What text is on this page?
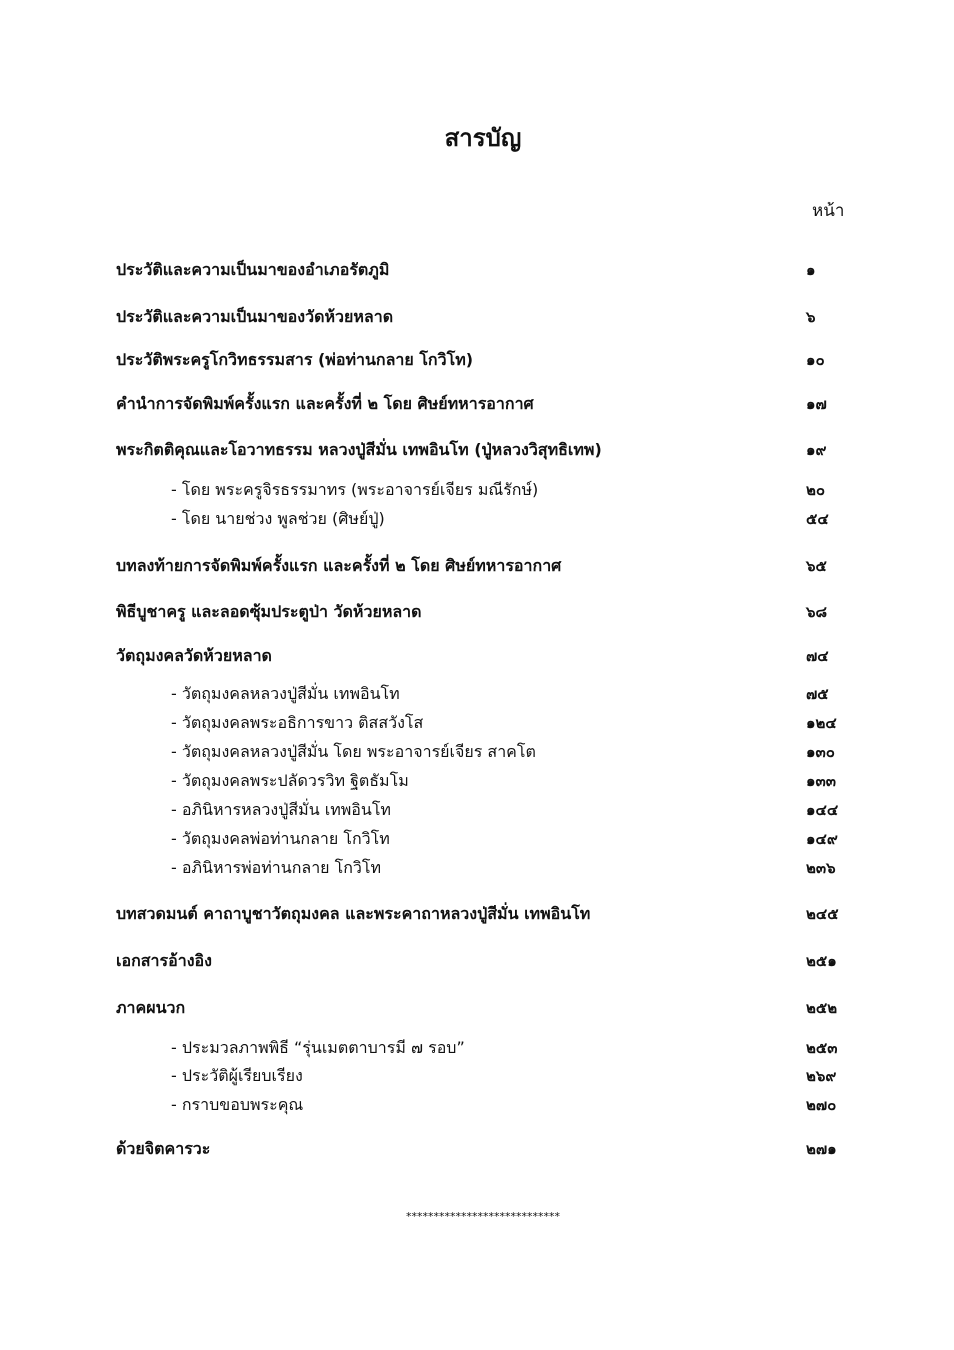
สารบัญ
หน้า
ประวัติและความเป็นมาของอำเภอรัตภูมิ	๑
ประวัติและความเป็นมาของวัดห้วยหลาด	๖
ประวัติพระครูโกวิทธรรมสาร (พ่อท่านกลาย โกวิโท)	๑๐
คำนำการจัดพิมพ์ครั้งแรก และครั้งที่ ๒ โดย ศิษย์ทหารอากาศ	๑๗
พระกิตติคุณและโอวาทธรรม หลวงปู่สีมั่น เทพอินโท (ปู่หลวงวิสุทธิเทพ)	๑๙
- โดย พระครูจิรธรรมาทร (พระอาจารย์เจียร มณีรักษ์)	๒๐
- โดย นายช่วง พูลช่วย (ศิษย์ปู่)	๕๔
บทลงท้ายการจัดพิมพ์ครั้งแรก และครั้งที่ ๒ โดย ศิษย์ทหารอากาศ	๖๕
พิธีบูชาครู และลอดซุ้มประตูป่า วัดห้วยหลาด	๖๘
วัตถุมงคลวัดห้วยหลาด	๗๔
- วัตถุมงคลหลวงปู่สีมั่น เทพอินโท	๗๕
- วัตถุมงคลพระอธิการขาว ติสสวังโส	๑๒๔
- วัตถุมงคลหลวงปู่สีมั่น โดย พระอาจารย์เจียร สาคโต	๑๓๐
- วัตถุมงคลพระปลัดวรวิท ฐิตธัมโม	๑๓๓
- อภินิหารหลวงปู่สีมั่น เทพอินโท	๑๔๔
- วัตถุมงคลพ่อท่านกลาย โกวิโท	๑๔๙
- อภินิหารพ่อท่านกลาย โกวิโท	๒๓๖
บทสวดมนต์ คาถาบูชาวัตถุมงคล และพระคาถาหลวงปู่สีมั่น เทพอินโท	๒๔๕
เอกสารอ้างอิง	๒๕๑
ภาคผนวก	๒๕๒
- ประมวลภาพพิธี “รุ่นเมตตาบารมี ๗ รอบ”	๒๕๓
- ประวัติผู้เรียบเรียง	๒๖๙
- กราบขอบพระคุณ	๒๗๐
ด้วยจิตคารวะ	๒๗๑
****************************
